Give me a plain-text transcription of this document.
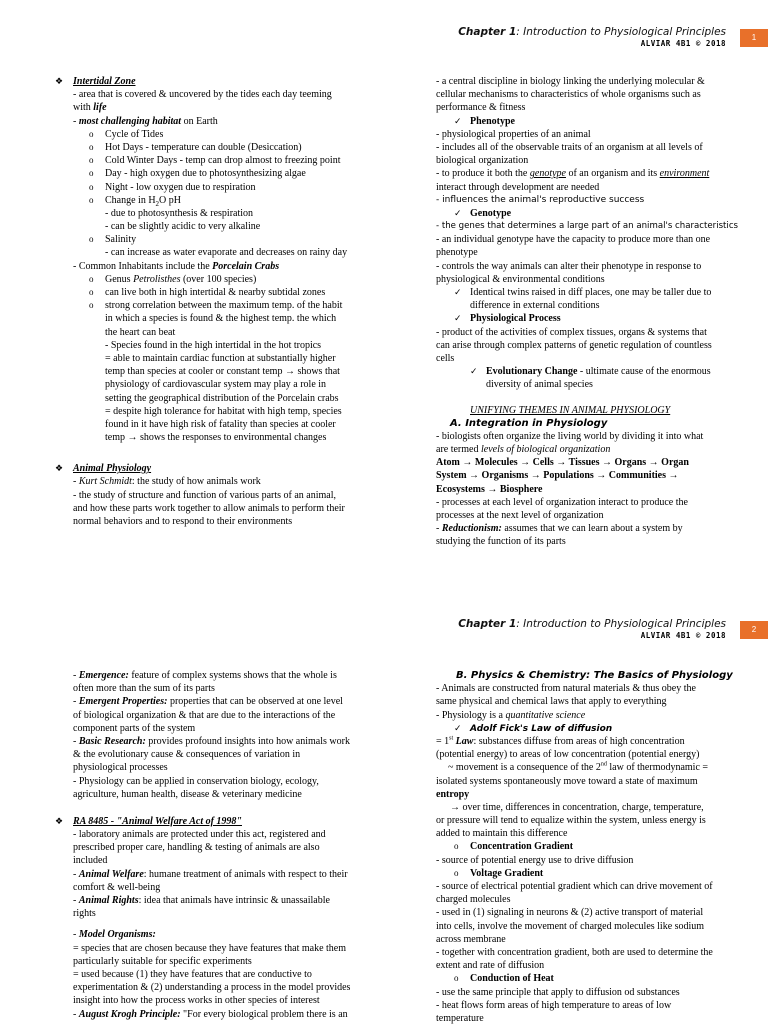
Chapter 1: Introduction to Physiological Principles
ALVIAR 4B1 © 2018
1
❖ Intertidal Zone
- area that is covered & uncovered by the tides each day teeming
with life
- most challenging habitat on Earth
o Cycle of Tides
o Hot Days - temperature can double (Desiccation)
o Cold Winter Days - temp can drop almost to freezing point
o Day - high oxygen due to photosynthesizing algae
o Night - low oxygen due to respiration
o Change in $H_2O$ pH
- due to photosynthesis & respiration
- can be slightly acidic to very alkaline
o Salinity
- can increase as water evaporate and decreases on rainy day
- Common Inhabitants include the Porcelain Crabs
o Genus Petrolisthes (over 100 species)
o can live both in high intertidal & nearby subtidal zones
o strong correlation between the maximum temp. of the habit
in which a species is found & the highest temp. the which
the heart can beat
- Species found in the high intertidal in the hot tropics
= able to maintain cardiac function at substantially higher
temp than species at cooler or constant temp → shows that
physiology of cardiovascular system may play a role in
setting the geographical distribution of the Porcelain crabs
= despite high tolerance for habitat with high temp, species
found in it have high risk of fatality than species at cooler
temp → shows the responses to environmental changes
❖ Animal Physiology
- Kurt Schmidt: the study of how animals work
- the study of structure and function of various parts of an animal,
and how these parts work together to allow animals to perform their
normal behaviors and to respond to their environments
- a central discipline in biology linking the underlying molecular &
cellular mechanisms to characteristics of whole organisms such as
performance & fitness
✓ Phenotype
- physiological properties of an animal
- includes all of the observable traits of an organism at all levels of
biological organization
- to produce it both the genotype of an organism and its environment
interact through development are needed
- influences the animal's reproductive success
✓ Genotype
- the genes that determines a large part of an animal's characteristics
- an individual genotype have the capacity to produce more than one
phenotype
- controls the way animals can alter their phenotype in response to
physiological & environmental conditions
✓ Identical twins raised in diff places, one may be taller due to
difference in external conditions
✓ Physiological Process
- product of the activities of complex tissues, organs & systems that
can arise through complex patterns of genetic regulation of countless
cells
✓ Evolutionary Change - ultimate cause of the enormous
diversity of animal species
UNIFYING THEMES IN ANIMAL PHYSIOLOGY
A. Integration in Physiology
- biologists often organize the living world by dividing it into what
are termed levels of biological organization
Atom → Molecules → Cells → Tissues → Organs → Organ
System → Organisms → Populations → Communities →
Ecosystems → Biosphere
- processes at each level of organization interact to produce the
processes at the next level of organization
- Reductionism: assumes that we can learn about a system by
studying the function of its parts
Chapter 1: Introduction to Physiological Principles
ALVIAR 4B1 © 2018
2
- Emergence: feature of complex systems shows that the whole is
often more than the sum of its parts
- Emergent Properties: properties that can be observed at one level
of biological organization & that are due to the interactions of the
component parts of the system
- Basic Research: provides profound insights into how animals work
& the evolutionary cause & consequences of variation in
physiological processes
- Physiology can be applied in conservation biology, ecology,
agriculture, human health, disease & veterinary medicine
❖ RA 8485 - "Animal Welfare Act of 1998"
- laboratory animals are protected under this act, registered and
prescribed proper care, handling & testing of animals are also
included
- Animal Welfare: humane treatment of animals with respect to their
comfort & well-being
- Animal Rights: idea that animals have intrinsic & unassailable
rights
- Model Organisms:
= species that are chosen because they have features that make them
particularly suitable for specific experiments
= used because (1) they have features that are conductive to
experimentation & (2) understanding a process in the model provides
insight into how the process works in other species of interest
- August Krogh Principle: "For every biological problem there is an
B. Physics & Chemistry: The Basics of Physiology
- Animals are constructed from natural materials & thus obey the
same physical and chemical laws that apply to everything
- Physiology is a quantitative science
✓ Adolf Fick's Law of diffusion
= 1st Law: substances diffuse from areas of high concentration
(potential energy) to areas of low concentration (potential energy)
~ movement is a consequence of the 2nd law of thermodynamic =
isolated systems spontaneously move toward a state of maximum
entropy
→ over time, differences in concentration, charge, temperature,
or pressure will tend to equalize within the system, unless energy is
added to maintain this difference
o Concentration Gradient
- source of potential energy use to drive diffusion
o Voltage Gradient
- source of electrical potential gradient which can drive movement of
charged molecules
- used in (1) signaling in neurons & (2) active transport of material
into cells, involve the movement of charged molecules like sodium
across membrane
- together with concentration gradient, both are used to determine the
extent and rate of diffusion
o Conduction of Heat
- use the same principle that apply to diffusion od substances
- heat flows form areas of high temperature to areas of low
temperature
